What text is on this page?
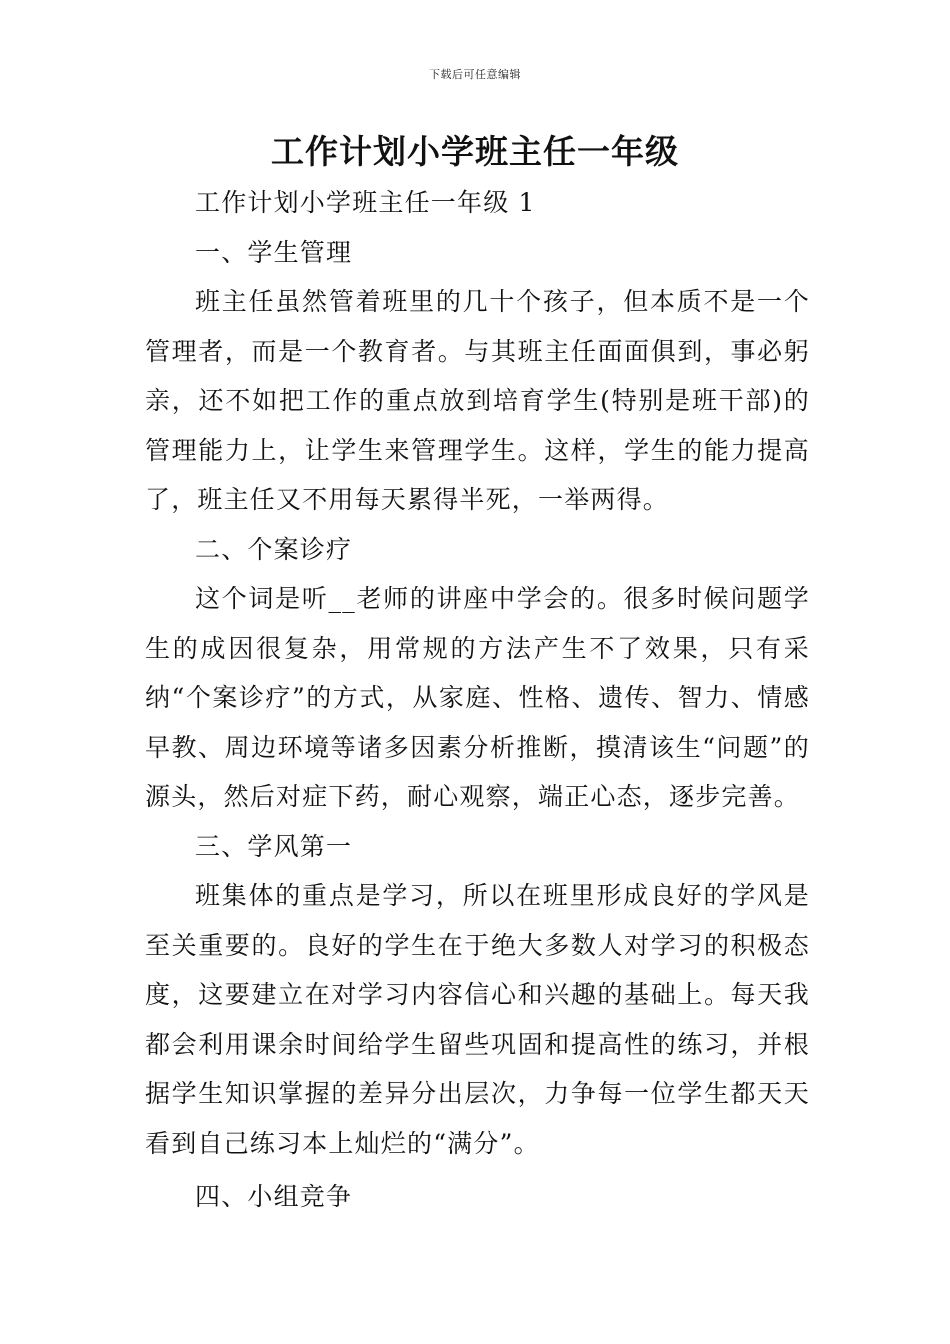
下载后可任意编辑
工作计划小学班主任一年级
工作计划小学班主任一年级 1
一、学生管理

班主任虽然管着班里的几十个孩子，但本质不是一个管理者，而是一个教育者。与其班主任面面俱到，事必躬亲，还不如把工作的重点放到培育学生(特别是班干部)的管理能力上，让学生来管理学生。这样，学生的能力提高了，班主任又不用每天累得半死，一举两得。

二、个案诊疗

这个词是听__老师的讲座中学会的。很多时候问题学生的成因很复杂，用常规的方法产生不了效果，只有采纳“个案诊疗”的方式，从家庭、性格、遗传、智力、情感早教、周边环境等诸多因素分析推断，摸清该生“问题”的源头，然后对症下药，耐心观察，端正心态，逐步完善。

三、学风第一

班集体的重点是学习，所以在班里形成良好的学风是至关重要的。良好的学生在于绝大多数人对学习的积极态度，这要建立在对学习内容信心和兴趣的基础上。每天我都会利用课余时间给学生留些巩固和提高性的练习，并根据学生知识掌握的差异分出层次，力争每一位学生都天天看到自己练习本上灿烂的“满分”。

四、小组竞争
